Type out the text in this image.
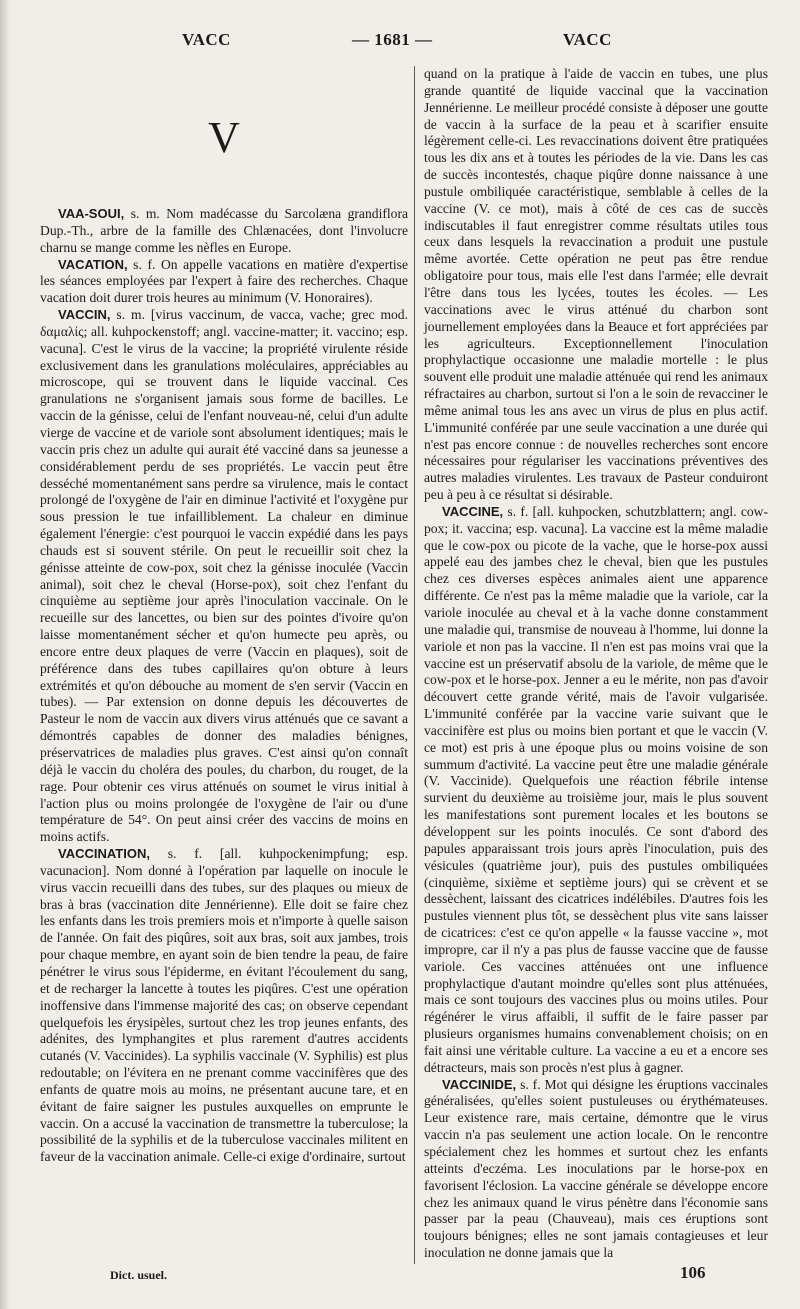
VACC	— 1681 —	VACC
V

VAA-SOUI, s. m. Nom madécasse du Sarcolæna grandiflora Dup.-Th., arbre de la famille des Chlænacées, dont l'involucre charnu se mange comme les nèfles en Europe.

VACATION, s. f. On appelle vacations en matière d'expertise les séances employées par l'expert à faire des recherches. Chaque vacation doit durer trois heures au minimum (V. Honoraires).

VACCIN, s. m. [virus vaccinum, de vacca, vache; grec mod. δαμαλίς; all. kuhpockenstoff; angl. vaccine-matter; it. vaccino; esp. vacuna]. C'est le virus de la vaccine; la propriété virulente réside exclusivement dans les granulations moléculaires, appréciables au microscope, qui se trouvent dans le liquide vaccinal. Ces granulations ne s'organisent jamais sous forme de bacilles. Le vaccin de la génisse, celui de l'enfant nouveau-né, celui d'un adulte vierge de vaccine et de variole sont absolument identiques; mais le vaccin pris chez un adulte qui aurait été vacciné dans sa jeunesse a considérablement perdu de ses propriétés. Le vaccin peut être desséché momentanément sans perdre sa virulence, mais le contact prolongé de l'oxygène de l'air en diminue l'activité et l'oxygène pur sous pression le tue infailliblement. La chaleur en diminue également l'énergie: c'est pourquoi le vaccin expédié dans les pays chauds est si souvent stérile. On peut le recueillir soit chez la génisse atteinte de cow-pox, soit chez la génisse inoculée (Vaccin animal), soit chez le cheval (Horse-pox), soit chez l'enfant du cinquième au septième jour après l'inoculation vaccinale. On le recueille sur des lancettes, ou bien sur des pointes d'ivoire qu'on laisse momentanément sécher et qu'on humecte peu après, ou encore entre deux plaques de verre (Vaccin en plaques), soit de préférence dans des tubes capillaires qu'on obture à leurs extrémités et qu'on débouche au moment de s'en servir (Vaccin en tubes). — Par extension on donne depuis les découvertes de Pasteur le nom de vaccin aux divers virus atténués que ce savant a démontrés capables de donner des maladies bénignes, préservatrices de maladies plus graves. C'est ainsi qu'on connaît déjà le vaccin du choléra des poules, du charbon, du rouget, de la rage. Pour obtenir ces virus atténués on soumet le virus initial à l'action plus ou moins prolongée de l'oxygène de l'air ou d'une température de 54°. On peut ainsi créer des vaccins de moins en moins actifs.

VACCINATION, s. f. [all. kuhpockenimpfung; esp. vacunacion]. Nom donné à l'opération par laquelle on inocule le virus vaccin recueilli dans des tubes, sur des plaques ou mieux de bras à bras (vaccination dite Jennérienne). Elle doit se faire chez les enfants dans les trois premiers mois et n'importe à quelle saison de l'année. On fait des piqûres, soit aux bras, soit aux jambes, trois pour chaque membre, en ayant soin de bien tendre la peau, de faire pénétrer le virus sous l'épiderme, en évitant l'écoulement du sang, et de recharger la lancette à toutes les piqûres. C'est une opération inoffensive dans l'immense majorité des cas; on observe cependant quelquefois les érysipèles, surtout chez les trop jeunes enfants, des adénites, des lymphangites et plus rarement d'autres accidents cutanés (V. Vaccinides). La syphilis vaccinale (V. Syphilis) est plus redoutable; on l'évitera en ne prenant comme vaccinifères que des enfants de quatre mois au moins, ne présentant aucune tare, et en évitant de faire saigner les pustules auxquelles on emprunte le vaccin. On a accusé la vaccination de transmettre la tuberculose; la possibilité de la syphilis et de la tuberculose vaccinales militent en faveur de la vaccination animale. Celle-ci exige d'ordinaire, surtout

quand on la pratique à l'aide de vaccin en tubes, une plus grande quantité de liquide vaccinal que la vaccination Jennérienne. Le meilleur procédé consiste à déposer une goutte de vaccin à la surface de la peau et à scarifier ensuite légèrement celle-ci. Les revaccinations doivent être pratiquées tous les dix ans et à toutes les périodes de la vie. Dans les cas de succès incontestés, chaque piqûre donne naissance à une pustule ombiliquée caractéristique, semblable à celles de la vaccine (V. ce mot), mais à côté de ces cas de succès indiscutables il faut enregistrer comme résultats utiles tous ceux dans lesquels la revaccination a produit une pustule même avortée. Cette opération ne peut pas être rendue obligatoire pour tous, mais elle l'est dans l'armée; elle devrait l'être dans tous les lycées, toutes les écoles. — Les vaccinations avec le virus atténué du charbon sont journellement employées dans la Beauce et fort appréciées par les agriculteurs. Exceptionnellement l'inoculation prophylactique occasionne une maladie mortelle : le plus souvent elle produit une maladie atténuée qui rend les animaux réfractaires au charbon, surtout si l'on a le soin de revacciner le même animal tous les ans avec un virus de plus en plus actif. L'immunité conférée par une seule vaccination a une durée qui n'est pas encore connue : de nouvelles recherches sont encore nécessaires pour régulariser les vaccinations préventives des autres maladies virulentes. Les travaux de Pasteur conduiront peu à peu à ce résultat si désirable.

VACCINE, s. f. [all. kuhpocken, schutzblattern; angl. cow-pox; it. vaccina; esp. vacuna]. La vaccine est la même maladie que le cow-pox ou picote de la vache, que le horse-pox aussi appelé eau des jambes chez le cheval, bien que les pustules chez ces diverses espèces animales aient une apparence différente. Ce n'est pas la même maladie que la variole, car la variole inoculée au cheval et à la vache donne constamment une maladie qui, transmise de nouveau à l'homme, lui donne la variole et non pas la vaccine. Il n'en est pas moins vrai que la vaccine est un préservatif absolu de la variole, de même que le cow-pox et le horse-pox. Jenner a eu le mérite, non pas d'avoir découvert cette grande vérité, mais de l'avoir vulgarisée. L'immunité conférée par la vaccine varie suivant que le vaccinifère est plus ou moins bien portant et que le vaccin (V. ce mot) est pris à une époque plus ou moins voisine de son summum d'activité. La vaccine peut être une maladie générale (V. Vaccinide). Quelquefois une réaction fébrile intense survient du deuxième au troisième jour, mais le plus souvent les manifestations sont purement locales et les boutons se développent sur les points inoculés. Ce sont d'abord des papules apparaissant trois jours après l'inoculation, puis des vésicules (quatrième jour), puis des pustules ombiliquées (cinquième, sixième et septième jours) qui se crèvent et se dessèchent, laissant des cicatrices indélébiles. D'autres fois les pustules viennent plus tôt, se dessèchent plus vite sans laisser de cicatrices: c'est ce qu'on appelle « la fausse vaccine », mot impropre, car il n'y a pas plus de fausse vaccine que de fausse variole. Ces vaccines atténuées ont une influence prophylactique d'autant moindre qu'elles sont plus atténuées, mais ce sont toujours des vaccines plus ou moins utiles. Pour régénérer le virus affaibli, il suffit de le faire passer par plusieurs organismes humains convenablement choisis; on en fait ainsi une véritable culture. La vaccine a eu et a encore ses détracteurs, mais son procès n'est plus à gagner.

VACCINIDE, s. f. Mot qui désigne les éruptions vaccinales généralisées, qu'elles soient pustuleuses ou érythémateuses. Leur existence rare, mais certaine, démontre que le virus vaccin n'a pas seulement une action locale. On le rencontre spécialement chez les hommes et surtout chez les enfants atteints d'eczéma. Les inoculations par le horse-pox en favorisent l'éclosion. La vaccine générale se développe encore chez les animaux quand le virus pénètre dans l'économie sans passer par la peau (Chauveau), mais ces éruptions sont toujours bénignes; elles ne sont jamais contagieuses et leur inoculation ne donne jamais que la

Dict. usuel.	106
